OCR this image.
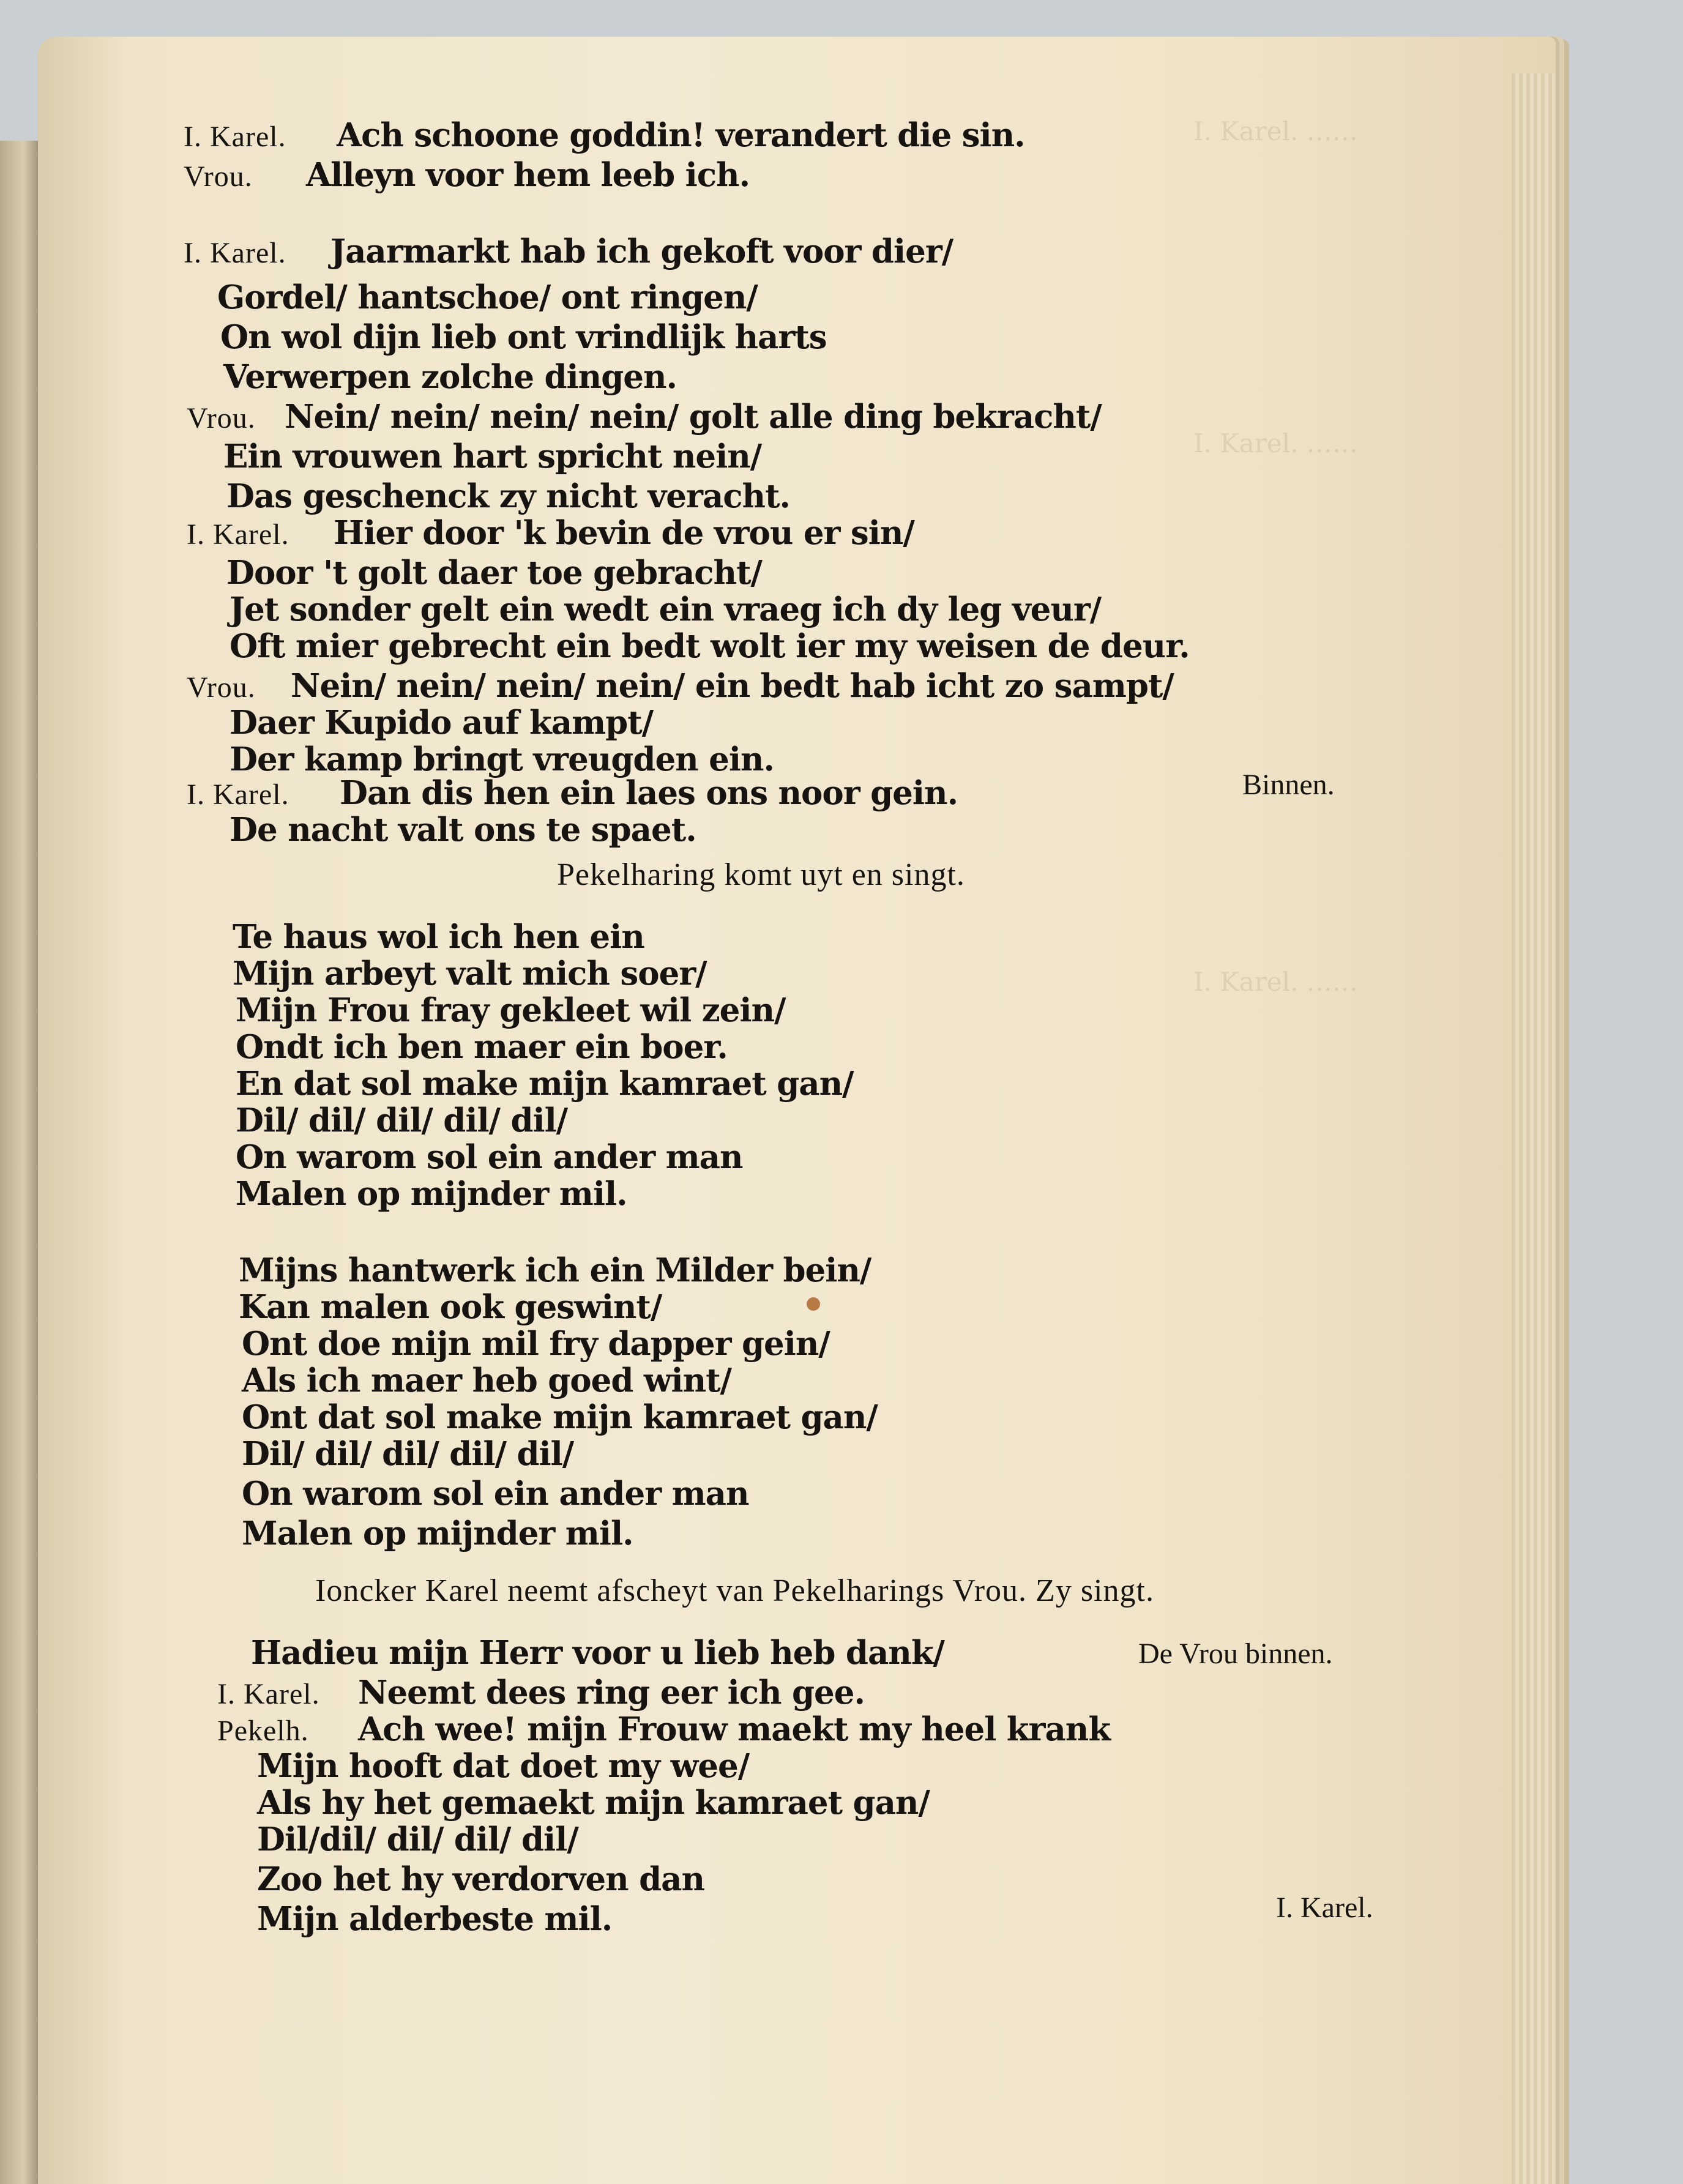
I. Karel. ……
I. Karel. ……
I. Karel. ……
I. Karel. Ach schoone goddin! verandert die sin.
Vrou. Alleyn voor hem leeb ich.
I. Karel. Jaarmarkt hab ich gekoft voor dier/
Gordel/ hantschoe/ ont ringen/
On wol dijn lieb ont vrindlijk harts
Verwerpen zolche dingen.
Vrou. Nein/ nein/ nein/ nein/ golt alle ding bekracht/
Ein vrouwen hart spricht nein/
Das geschenck zy nicht veracht.
I. Karel. Hier door 'k bevin de vrou er sin/
Door 't golt daer toe gebracht/
Jet sonder gelt ein wedt ein vraeg ich dy leg veur/
Oft mier gebrecht ein bedt wolt ier my weisen de deur.
Vrou. Nein/ nein/ nein/ nein/ ein bedt hab icht zo sampt/
Daer Kupido auf kampt/
Der kamp bringt vreugden ein.
I. Karel. Dan dis hen ein laes ons noor gein.
De nacht valt ons te spaet.
Pekelharing komt uyt en singt.
Te haus wol ich hen ein
Mijn arbeyt valt mich soer/
Mijn Frou fray gekleet wil zein/
Ondt ich ben maer ein boer.
En dat sol make mijn kamraet gan/
Dil/ dil/ dil/ dil/ dil/
On warom sol ein ander man
Malen op mijnder mil.
Mijns hantwerk ich ein Milder bein/
Kan malen ook geswint/
Ont doe mijn mil fry dapper gein/
Als ich maer heb goed wint/
Ont dat sol make mijn kamraet gan/
Dil/ dil/ dil/ dil/ dil/
On warom sol ein ander man
Malen op mijnder mil.
Ioncker Karel neemt afscheyt van Pekelharings Vrou. Zy singt.
Hadieu mijn Herr voor u lieb heb dank/
I. Karel. Neemt dees ring eer ich gee.
Pekelh. Ach wee! mijn Frouw maekt my heel krank
Mijn hooft dat doet my wee/
Als hy het gemaekt mijn kamraet gan/
Dil/dil/ dil/ dil/ dil/
Zoo het hy verdorven dan
Mijn alderbeste mil.
Binnen.
De Vrou binnen.
I. Karel.
